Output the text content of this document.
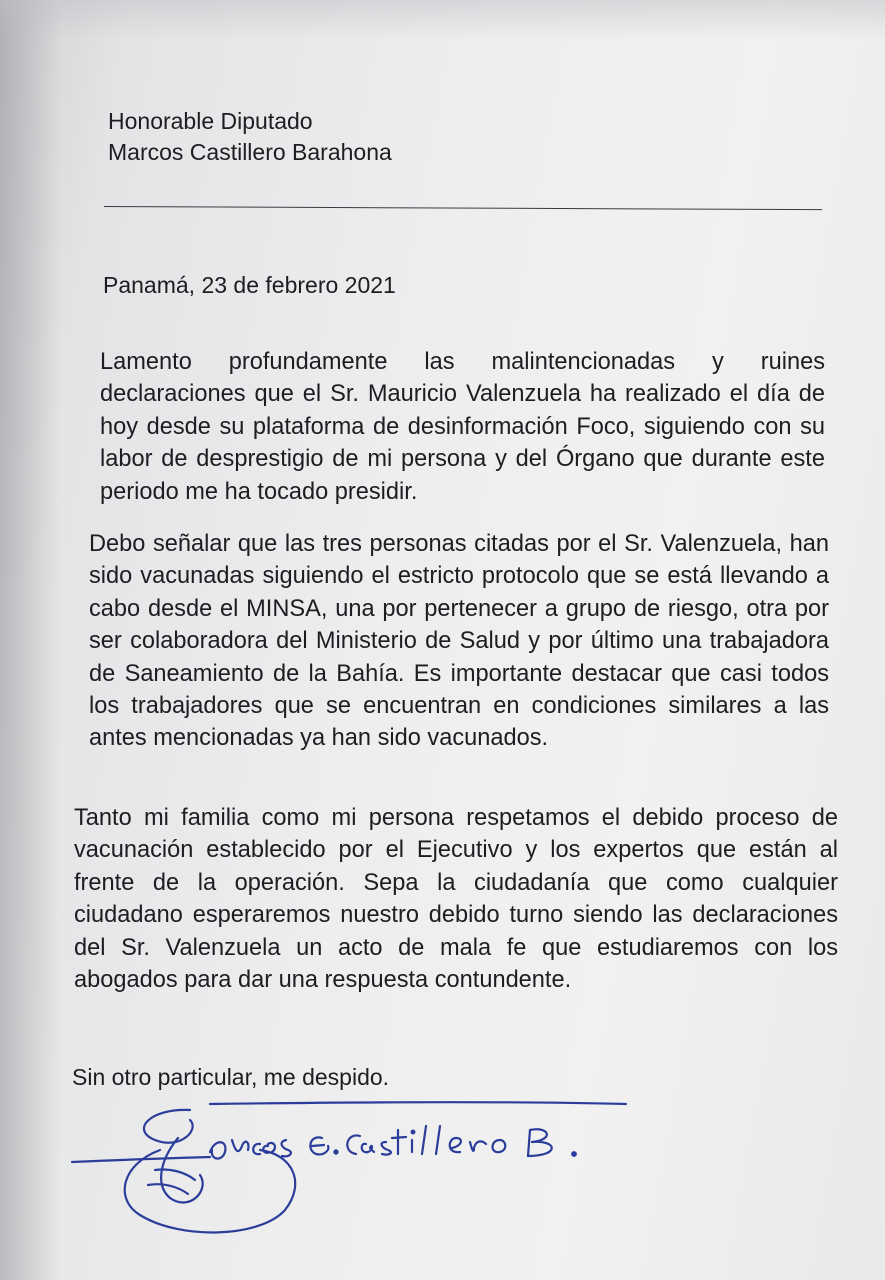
Honorable Diputado
Marcos Castillero Barahona
Panamá, 23 de febrero 2021

Lamento profundamente las malintencionadas y ruines declaraciones que el Sr. Mauricio Valenzuela ha realizado el día de hoy desde su plataforma de desinformación Foco, siguiendo con su labor de desprestigio de mi persona y del Órgano que durante este periodo me ha tocado presidir.

Debo señalar que las tres personas citadas por el Sr. Valenzuela, han sido vacunadas siguiendo el estricto protocolo que se está llevando a cabo desde el MINSA, una por pertenecer a grupo de riesgo, otra por ser colaboradora del Ministerio de Salud y por último una trabajadora de Saneamiento de la Bahía. Es importante destacar que casi todos los trabajadores que se encuentran en condiciones similares a las antes mencionadas ya han sido vacunados.

Tanto mi familia como mi persona respetamos el debido proceso de vacunación establecido por el Ejecutivo y los expertos que están al frente de la operación. Sepa la ciudadanía que como cualquier ciudadano esperaremos nuestro debido turno siendo las declaraciones del Sr. Valenzuela un acto de mala fe que estudiaremos con los abogados para dar una respuesta contundente.

Sin otro particular, me despido.
